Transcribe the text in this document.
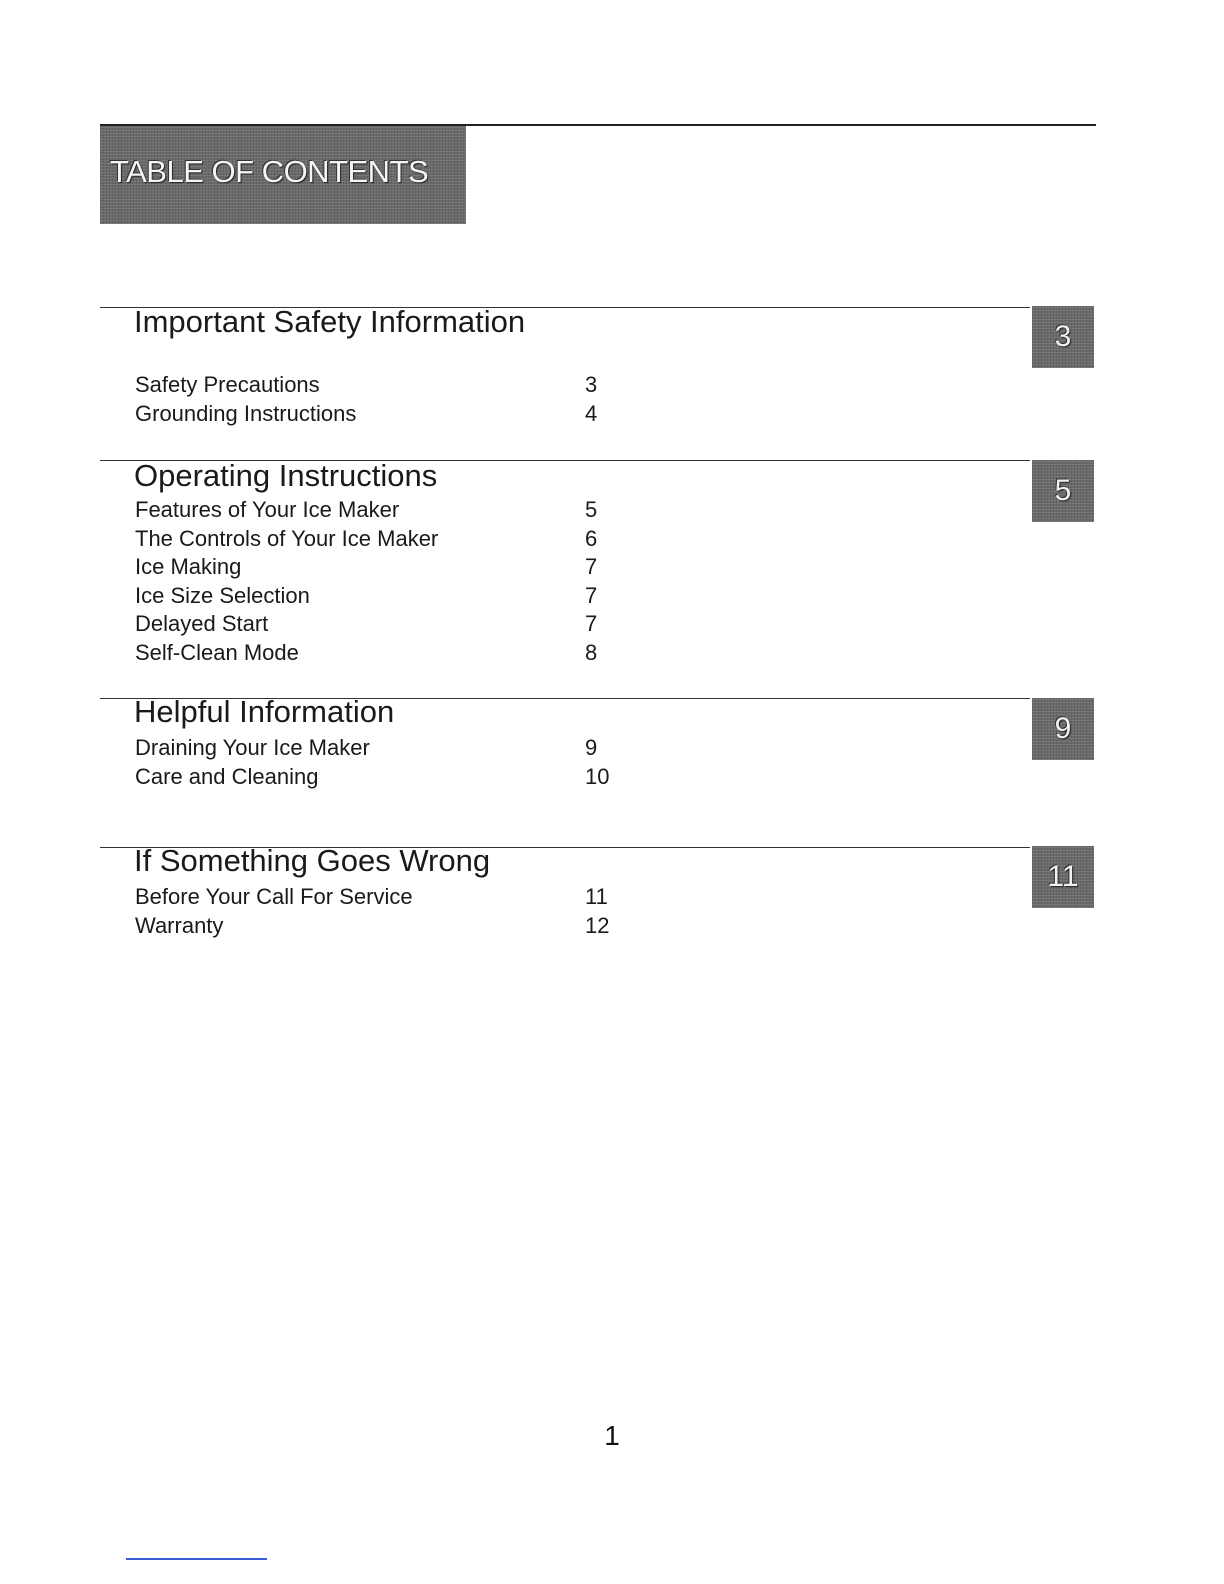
TABLE OF CONTENTS
Important Safety Information	3
Safety Precautions	3
Grounding Instructions	4
Operating Instructions	5
Features of Your Ice Maker	5
The Controls of Your Ice Maker	6
Ice Making	7
Ice Size Selection	7
Delayed Start	7
Self-Clean Mode	8
Helpful Information	9
Draining Your Ice Maker	9
Care and Cleaning	10
If Something Goes Wrong	11
Before Your Call For Service	11
Warranty	12
1
